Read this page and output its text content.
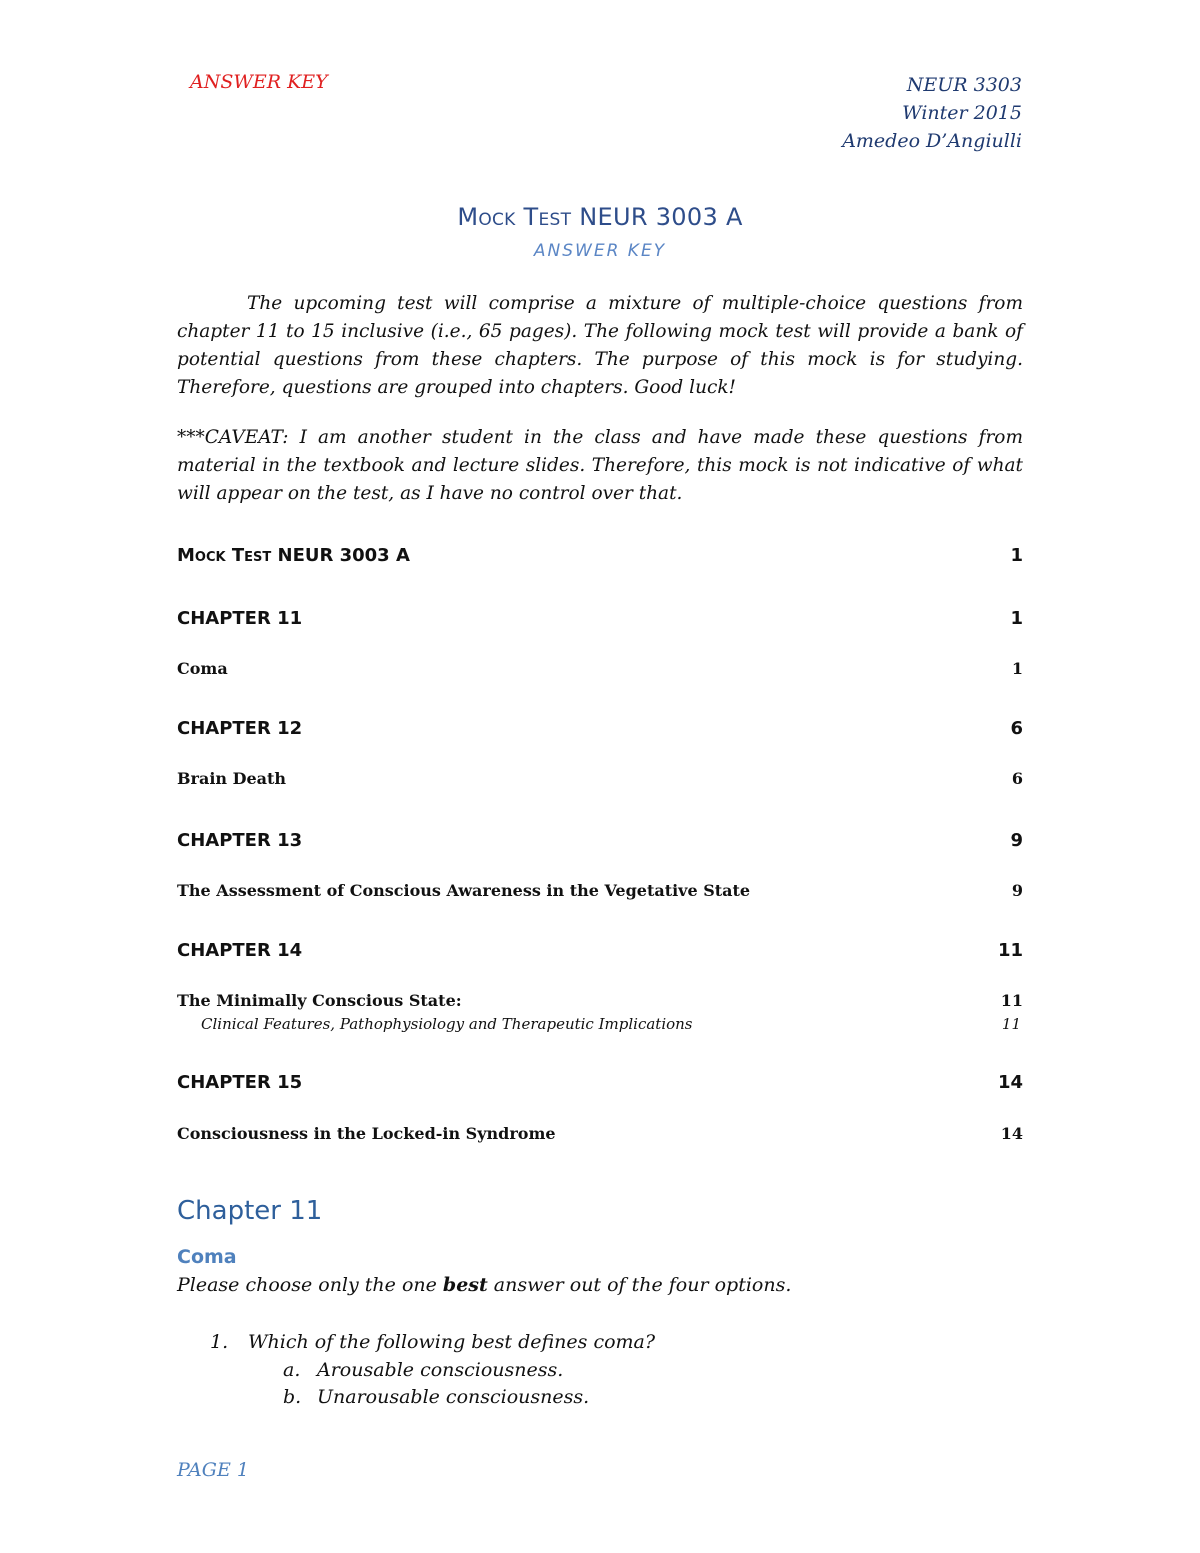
ANSWER KEY	NEUR 3303
Winter 2015
Amedeo D’Angiulli
Mock Test NEUR 3003 A
ANSWER KEY
The upcoming test will comprise a mixture of multiple-choice questions from chapter 11 to 15 inclusive (i.e., 65 pages). The following mock test will provide a bank of potential questions from these chapters. The purpose of this mock is for studying. Therefore, questions are grouped into chapters. Good luck!
***CAVEAT: I am another student in the class and have made these questions from material in the textbook and lecture slides. Therefore, this mock is not indicative of what will appear on the test, as I have no control over that.
Mock Test NEUR 3003 A	1
CHAPTER 11	1
Coma	1
CHAPTER 12	6
Brain Death	6
CHAPTER 13	9
The Assessment of Conscious Awareness in the Vegetative State	9
CHAPTER 14	11
The Minimally Conscious State:	11
Clinical Features, Pathophysiology and Therapeutic Implications	11
CHAPTER 15	14
Consciousness in the Locked-in Syndrome	14
Chapter 11
Coma
Please choose only the one best answer out of the four options.
1. Which of the following best defines coma?
a. Arousable consciousness.
b. Unarousable consciousness.
PAGE 1
